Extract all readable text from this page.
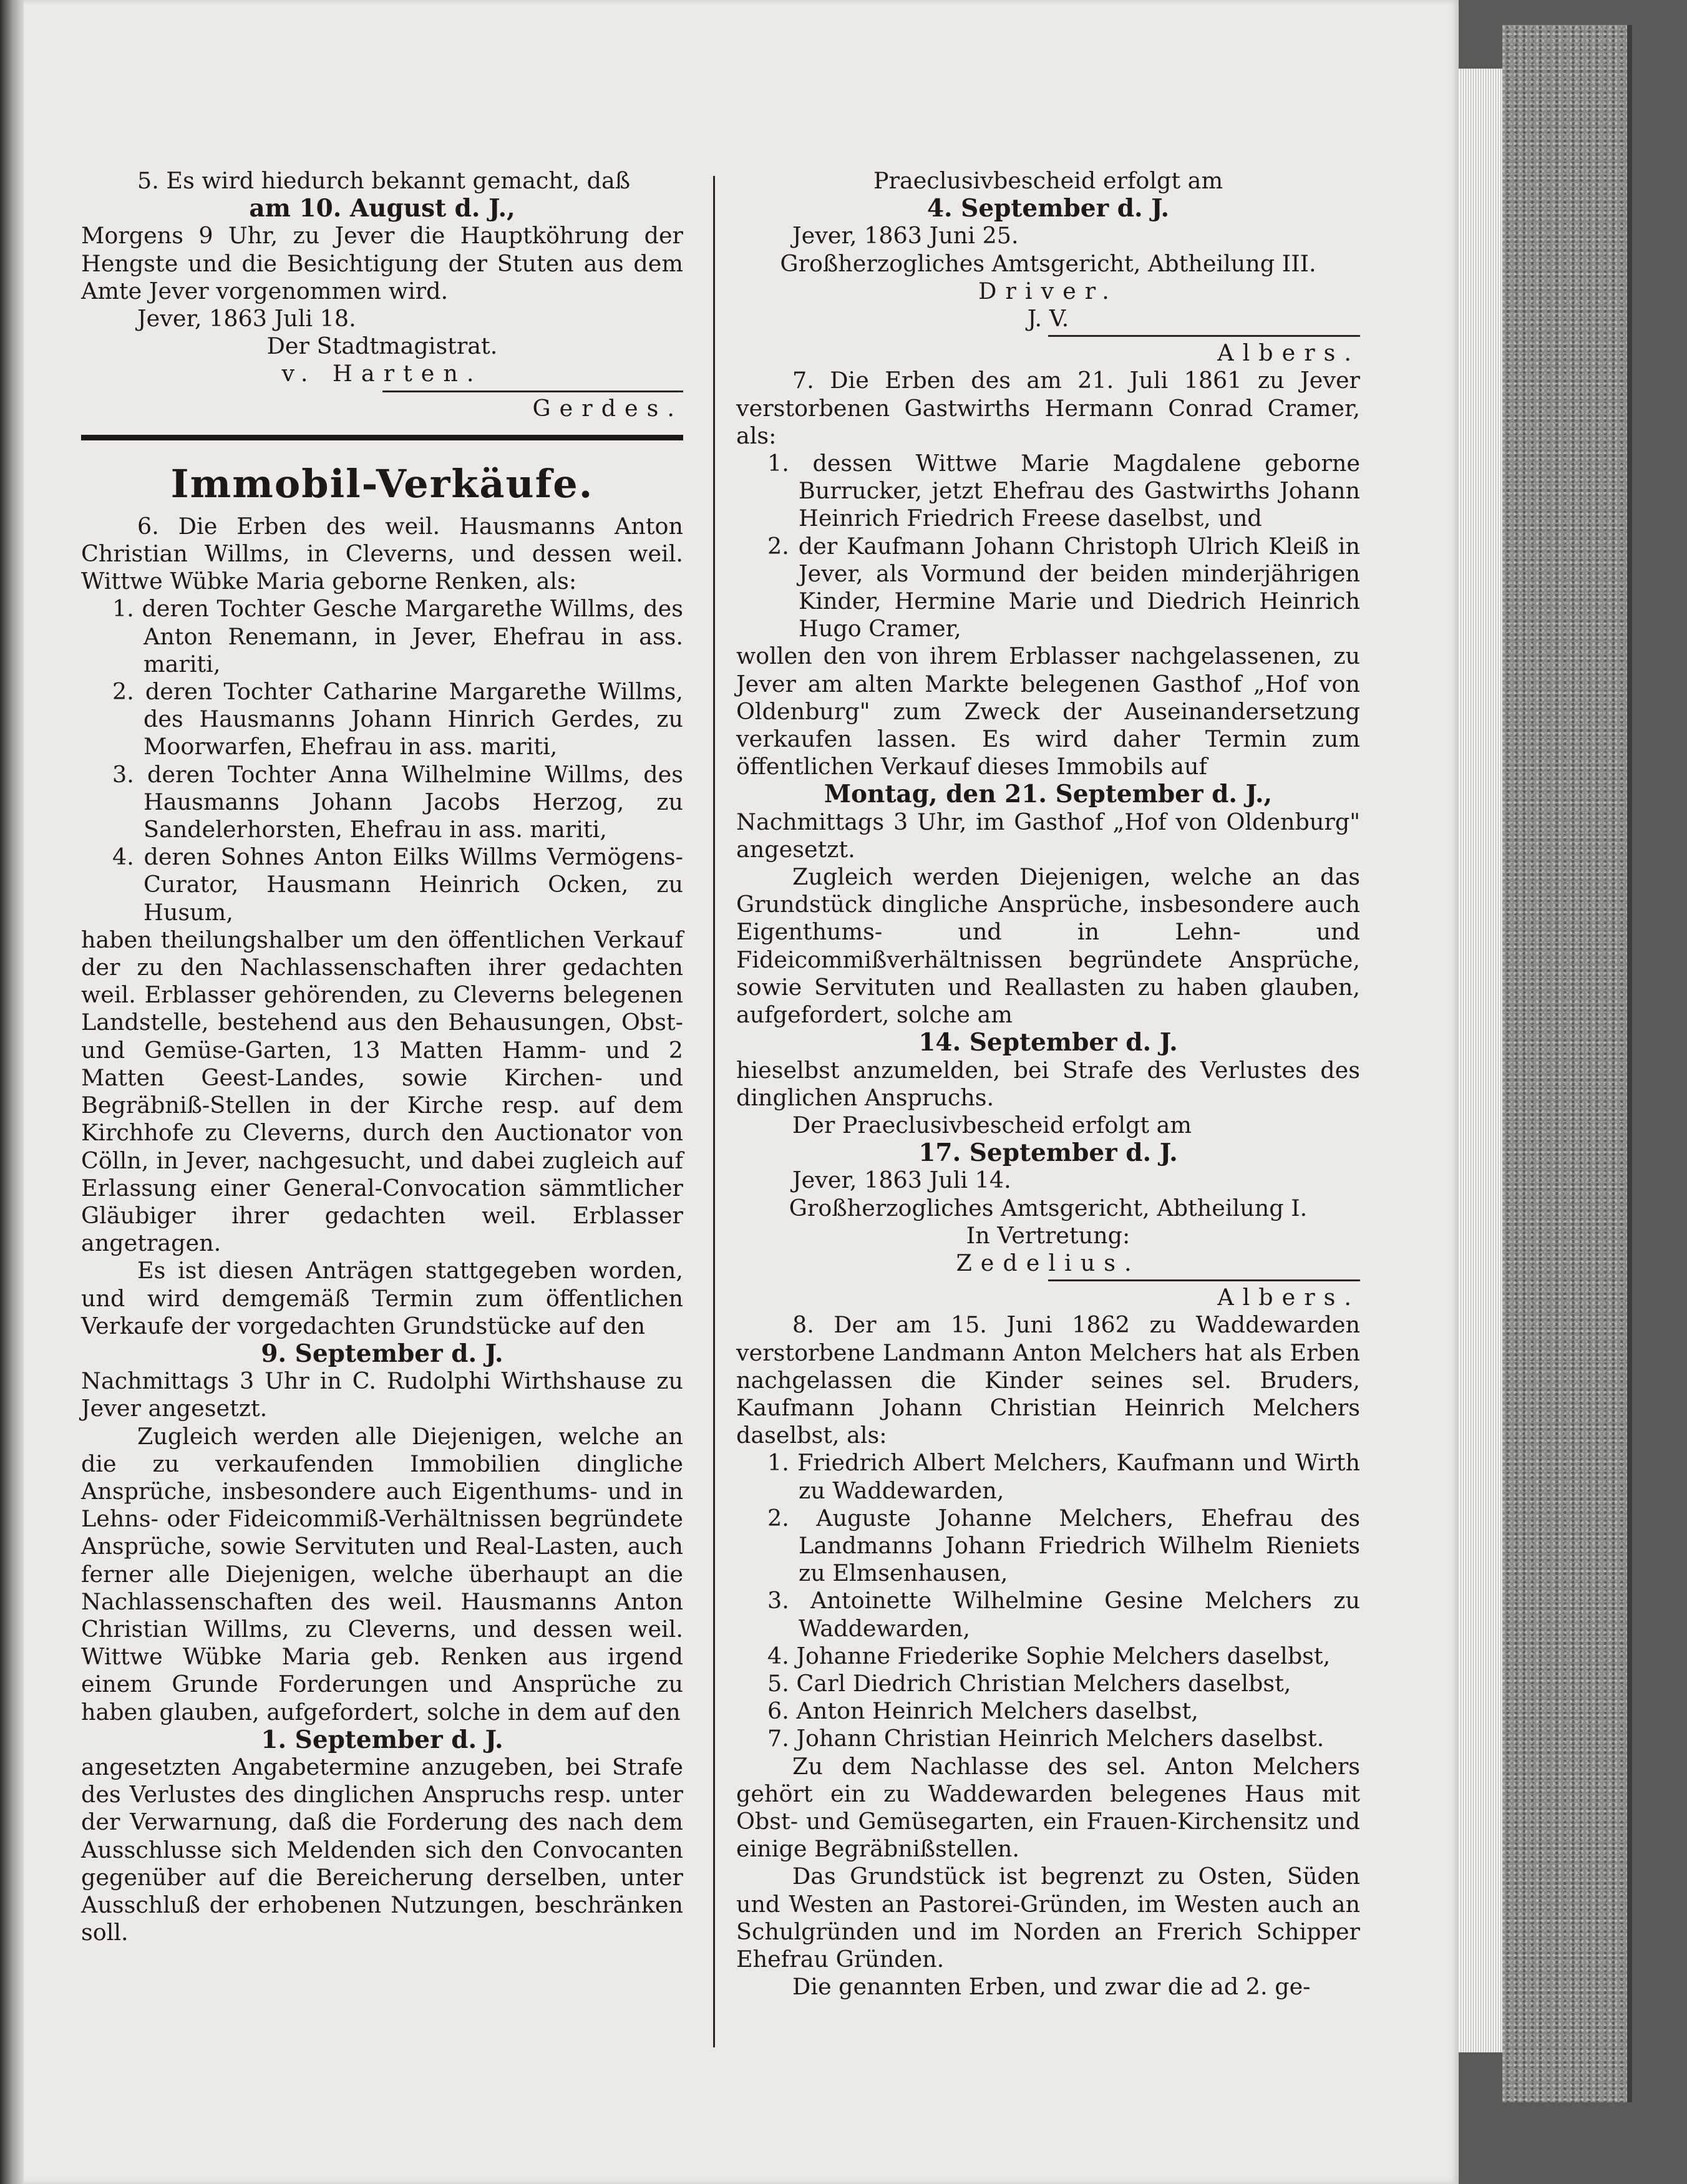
5. Es wird hiedurch bekannt gemacht, daß

am 10. August d. J.,

Morgens 9 Uhr, zu Jever die Hauptköhrung der Hengste und die Besichtigung der Stuten aus dem Amte Jever vorgenommen wird.

Jever, 1863 Juli 18.

Der Stadtmagistrat.

v. Harten.

Gerdes.

Immobil-Verkäufe.

6. Die Erben des weil. Hausmanns Anton Christian Willms, in Cleverns, und dessen weil. Wittwe Wübke Maria geborne Renken, als:

1. deren Tochter Gesche Margarethe Willms, des Anton Renemann, in Jever, Ehefrau in ass. mariti,

2. deren Tochter Catharine Margarethe Willms, des Hausmanns Johann Hinrich Gerdes, zu Moorwarfen, Ehefrau in ass. mariti,

3. deren Tochter Anna Wilhelmine Willms, des Hausmanns Johann Jacobs Herzog, zu Sandelerhorsten, Ehefrau in ass. mariti,

4. deren Sohnes Anton Eilks Willms Vermögens-Curator, Hausmann Heinrich Ocken, zu Husum,

haben theilungshalber um den öffentlichen Verkauf der zu den Nachlassenschaften ihrer gedachten weil. Erblasser gehörenden, zu Cleverns belegenen Landstelle, bestehend aus den Behausungen, Obst- und Gemüse-Garten, 13 Matten Hamm- und 2 Matten Geest-Landes, sowie Kirchen- und Begräbniß-Stellen in der Kirche resp. auf dem Kirchhofe zu Cleverns, durch den Auctionator von Cölln, in Jever, nachgesucht, und dabei zugleich auf Erlassung einer General-Convocation sämmtlicher Gläubiger ihrer gedachten weil. Erblasser angetragen.

Es ist diesen Anträgen stattgegeben worden, und wird demgemäß Termin zum öffentlichen Verkaufe der vorgedachten Grundstücke auf den

9. September d. J.

Nachmittags 3 Uhr in C. Rudolphi Wirthshause zu Jever angesetzt.

Zugleich werden alle Diejenigen, welche an die zu verkaufenden Immobilien dingliche Ansprüche, insbesondere auch Eigenthums- und in Lehns- oder Fideicommiß-Verhältnissen begründete Ansprüche, sowie Servituten und Real-Lasten, auch ferner alle Diejenigen, welche überhaupt an die Nachlassenschaften des weil. Hausmanns Anton Christian Willms, zu Cleverns, und dessen weil. Wittwe Wübke Maria geb. Renken aus irgend einem Grunde Forderungen und Ansprüche zu haben glauben, aufgefordert, solche in dem auf den

1. September d. J.

angesetzten Angabetermine anzugeben, bei Strafe des Verlustes des dinglichen Anspruchs resp. unter der Verwarnung, daß die Forderung des nach dem Ausschlusse sich Meldenden sich den Convocanten gegenüber auf die Bereicherung derselben, unter Ausschluß der erhobenen Nutzungen, beschränken soll.

Praeclusivbescheid erfolgt am

4. September d. J.

Jever, 1863 Juni 25.

Großherzogliches Amtsgericht, Abtheilung III.

Driver.

J. V.

Albers.

7. Die Erben des am 21. Juli 1861 zu Jever verstorbenen Gastwirths Hermann Conrad Cramer, als:

1. dessen Wittwe Marie Magdalene geborne Burrucker, jetzt Ehefrau des Gastwirths Johann Heinrich Friedrich Freese daselbst, und

2. der Kaufmann Johann Christoph Ulrich Kleiß in Jever, als Vormund der beiden minderjährigen Kinder, Hermine Marie und Diedrich Heinrich Hugo Cramer,

wollen den von ihrem Erblasser nachgelassenen, zu Jever am alten Markte belegenen Gasthof „Hof von Oldenburg" zum Zweck der Auseinandersetzung verkaufen lassen. Es wird daher Termin zum öffentlichen Verkauf dieses Immobils auf

Montag, den 21. September d. J.,

Nachmittags 3 Uhr, im Gasthof „Hof von Oldenburg" angesetzt.

Zugleich werden Diejenigen, welche an das Grundstück dingliche Ansprüche, insbesondere auch Eigenthums- und in Lehn- und Fideicommißverhältnissen begründete Ansprüche, sowie Servituten und Reallasten zu haben glauben, aufgefordert, solche am

14. September d. J.

hieselbst anzumelden, bei Strafe des Verlustes des dinglichen Anspruchs.

Der Praeclusivbescheid erfolgt am

17. September d. J.

Jever, 1863 Juli 14.

Großherzogliches Amtsgericht, Abtheilung I.

In Vertretung:

Zedelius.

Albers.

8. Der am 15. Juni 1862 zu Waddewarden verstorbene Landmann Anton Melchers hat als Erben nachgelassen die Kinder seines sel. Bruders, Kaufmann Johann Christian Heinrich Melchers daselbst, als:

1. Friedrich Albert Melchers, Kaufmann und Wirth zu Waddewarden,

2. Auguste Johanne Melchers, Ehefrau des Landmanns Johann Friedrich Wilhelm Rieniets zu Elmsenhausen,

3. Antoinette Wilhelmine Gesine Melchers zu Waddewarden,

4. Johanne Friederike Sophie Melchers daselbst,

5. Carl Diedrich Christian Melchers daselbst,

6. Anton Heinrich Melchers daselbst,

7. Johann Christian Heinrich Melchers daselbst.

Zu dem Nachlasse des sel. Anton Melchers gehört ein zu Waddewarden belegenes Haus mit Obst- und Gemüsegarten, ein Frauen-Kirchensitz und einige Begräbnißstellen.

Das Grundstück ist begrenzt zu Osten, Süden und Westen an Pastorei-Gründen, im Westen auch an Schulgründen und im Norden an Frerich Schipper Ehefrau Gründen.

Die genannten Erben, und zwar die ad 2. ge-
